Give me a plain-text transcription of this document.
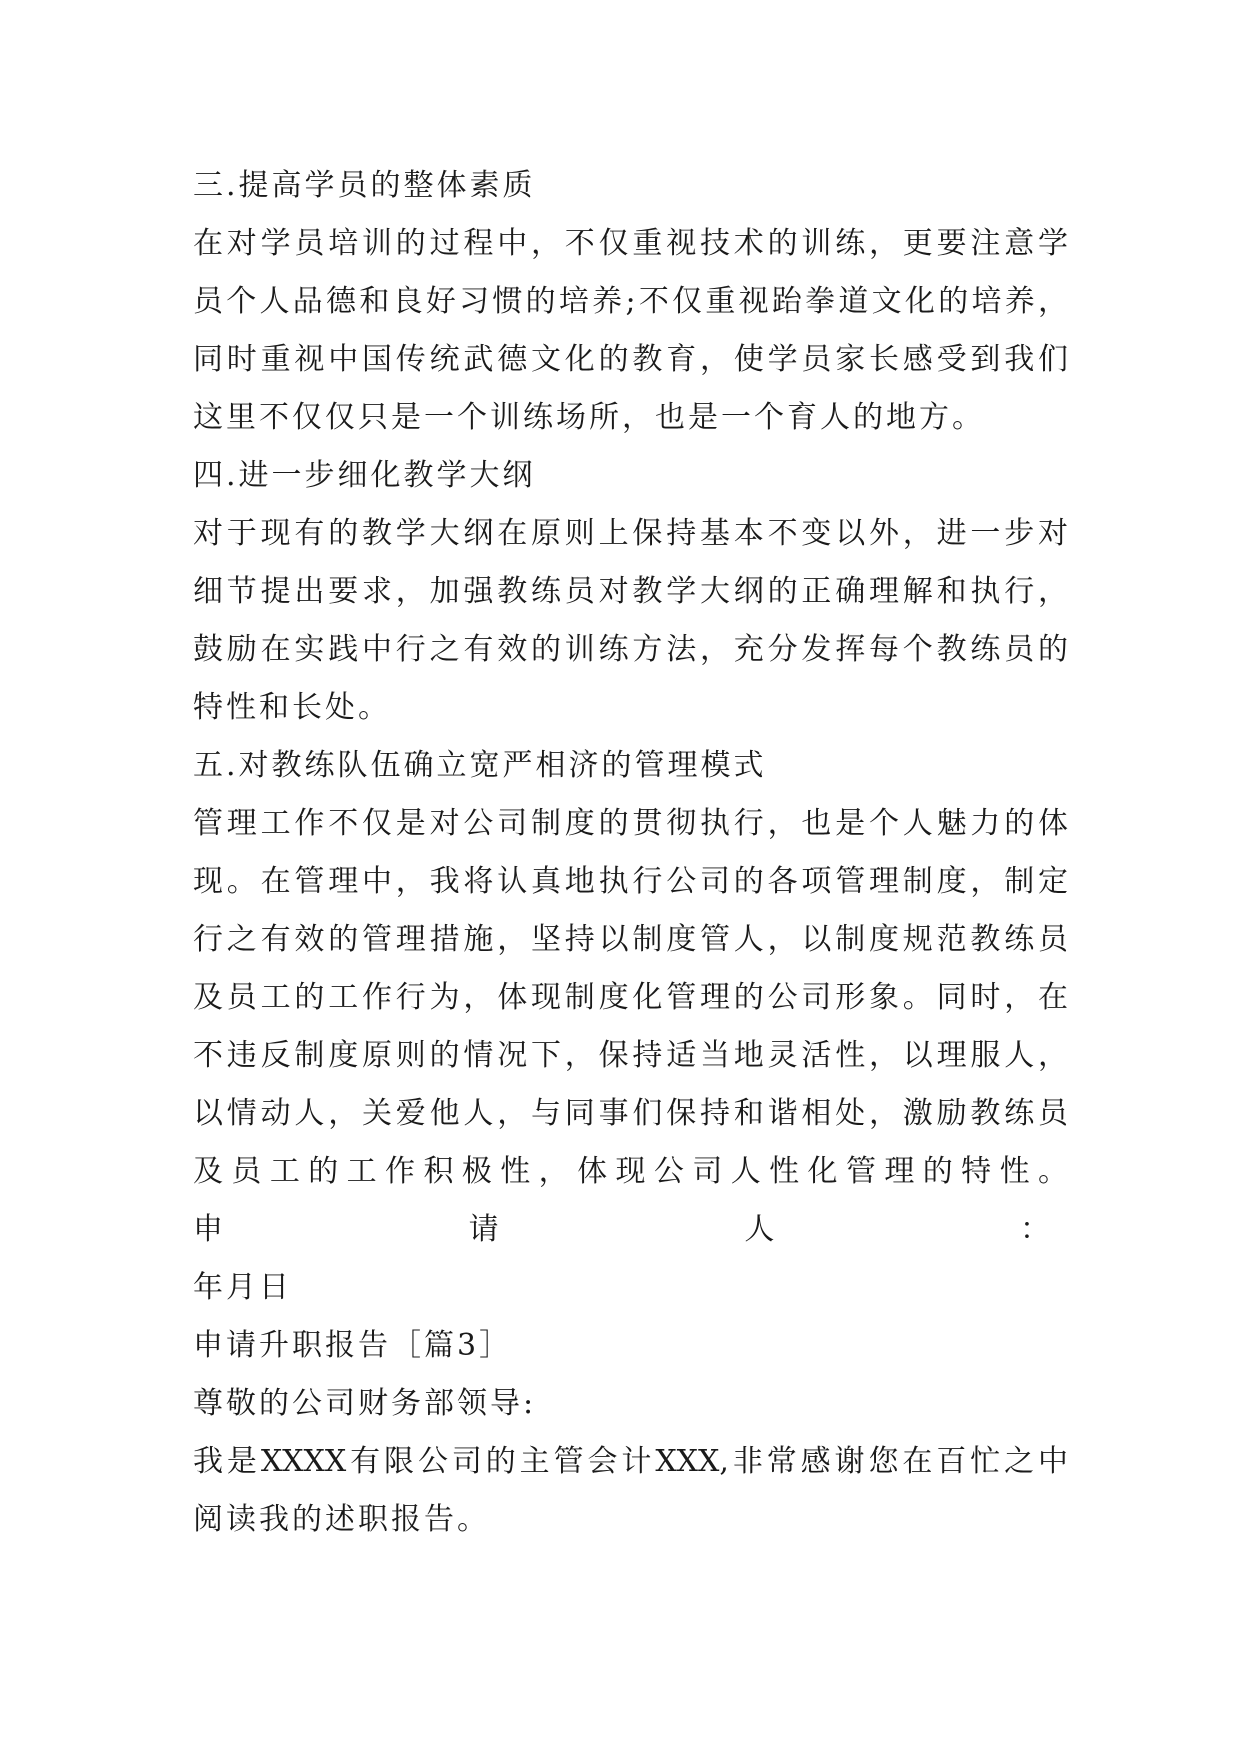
三.提高学员的整体素质
在对学员培训的过程中，不仅重视技术的训练，更要注意学
员个人品德和良好习惯的培养;不仅重视跆拳道文化的培养，
同时重视中国传统武德文化的教育，使学员家长感受到我们
这里不仅仅只是一个训练场所，也是一个育人的地方。
四.进一步细化教学大纲
对于现有的教学大纲在原则上保持基本不变以外，进一步对
细节提出要求，加强教练员对教学大纲的正确理解和执行，
鼓励在实践中行之有效的训练方法，充分发挥每个教练员的
特性和长处。
五.对教练队伍确立宽严相济的管理模式
管理工作不仅是对公司制度的贯彻执行，也是个人魅力的体
现。在管理中，我将认真地执行公司的各项管理制度，制定
行之有效的管理措施，坚持以制度管人，以制度规范教练员
及员工的工作行为，体现制度化管理的公司形象。同时，在
不违反制度原则的情况下，保持适当地灵活性，以理服人，
以情动人，关爱他人，与同事们保持和谐相处，激励教练员
及员工的工作积极性，体现公司人性化管理的特性。
申	请	人	：
年月日
申请升职报告［篇3］
尊敬的公司财务部领导:
我是XXXX有限公司的主管会计XXX,非常感谢您在百忙之中
阅读我的述职报告。
